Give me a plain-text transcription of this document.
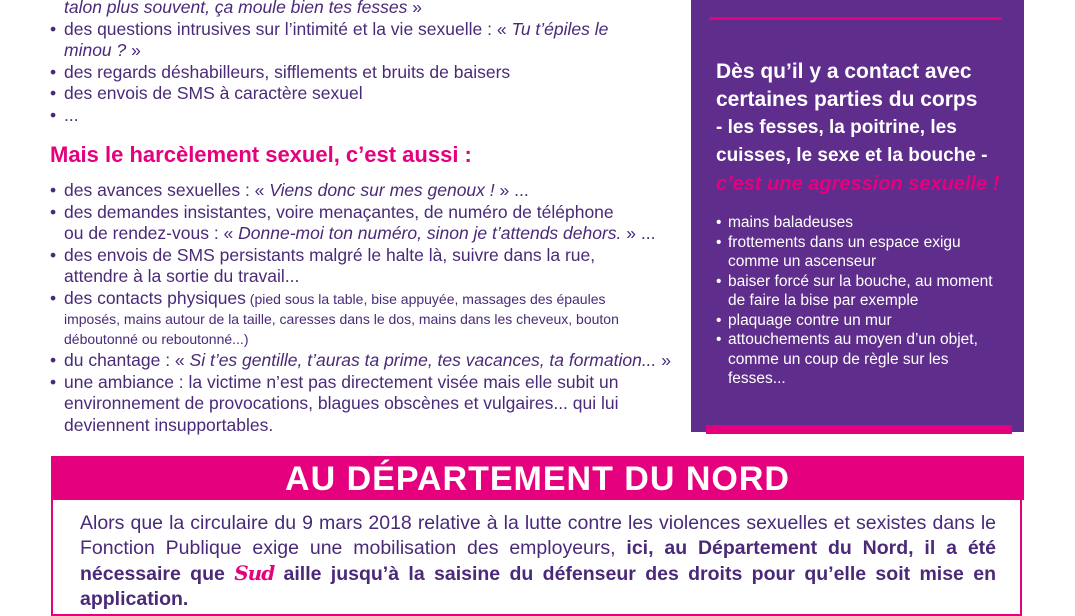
talon plus souvent, ça moule bien tes fesses »
• des questions intrusives sur l’intimité et la vie sexuelle : « Tu t’épiles le
minou ? »
• des regards déshabilleurs, sifflements et bruits de baisers
• des envois de SMS à caractère sexuel
• ...
Mais le harcèlement sexuel, c’est aussi :
• des avances sexuelles : « Viens donc sur mes genoux ! » ...
• des demandes insistantes, voire menaçantes, de numéro de téléphone
ou de rendez-vous : « Donne-moi ton numéro, sinon je t’attends dehors. » ...
• des envois de SMS persistants malgré le halte là, suivre dans la rue,
attendre à la sortie du travail...
• des contacts physiques (pied sous la table, bise appuyée, massages des épaules
imposés, mains autour de la taille, caresses dans le dos, mains dans les cheveux, bouton
déboutonné ou reboutonné...)
• du chantage : « Si t’es gentille, t’auras ta prime, tes vacances, ta formation... »
• une ambiance : la victime n’est pas directement visée mais elle subit un
environnement de provocations, blagues obscènes et vulgaires... qui lui
deviennent insupportables.
Dès qu’il y a contact avec
certaines parties du corps
- les fesses, la poitrine, les
cuisses, le sexe et la bouche -
c’est une agression sexuelle !
• mains baladeuses
• frottements dans un espace exigu
comme un ascenseur
• baiser forcé sur la bouche, au moment
de faire la bise par exemple
• plaquage contre un mur
• attouchements au moyen d’un objet,
comme un coup de règle sur les
fesses...
AU DÉPARTEMENT DU NORD
Alors que la circulaire du 9 mars 2018 relative à la lutte contre les violences sexuelles et sexistes dans le Fonction Publique exige une mobilisation des employeurs, ici, au Département du Nord, il a été nécessaire que Sud aille jusqu’à la saisine du défenseur des droits pour qu’elle soit mise en application.
